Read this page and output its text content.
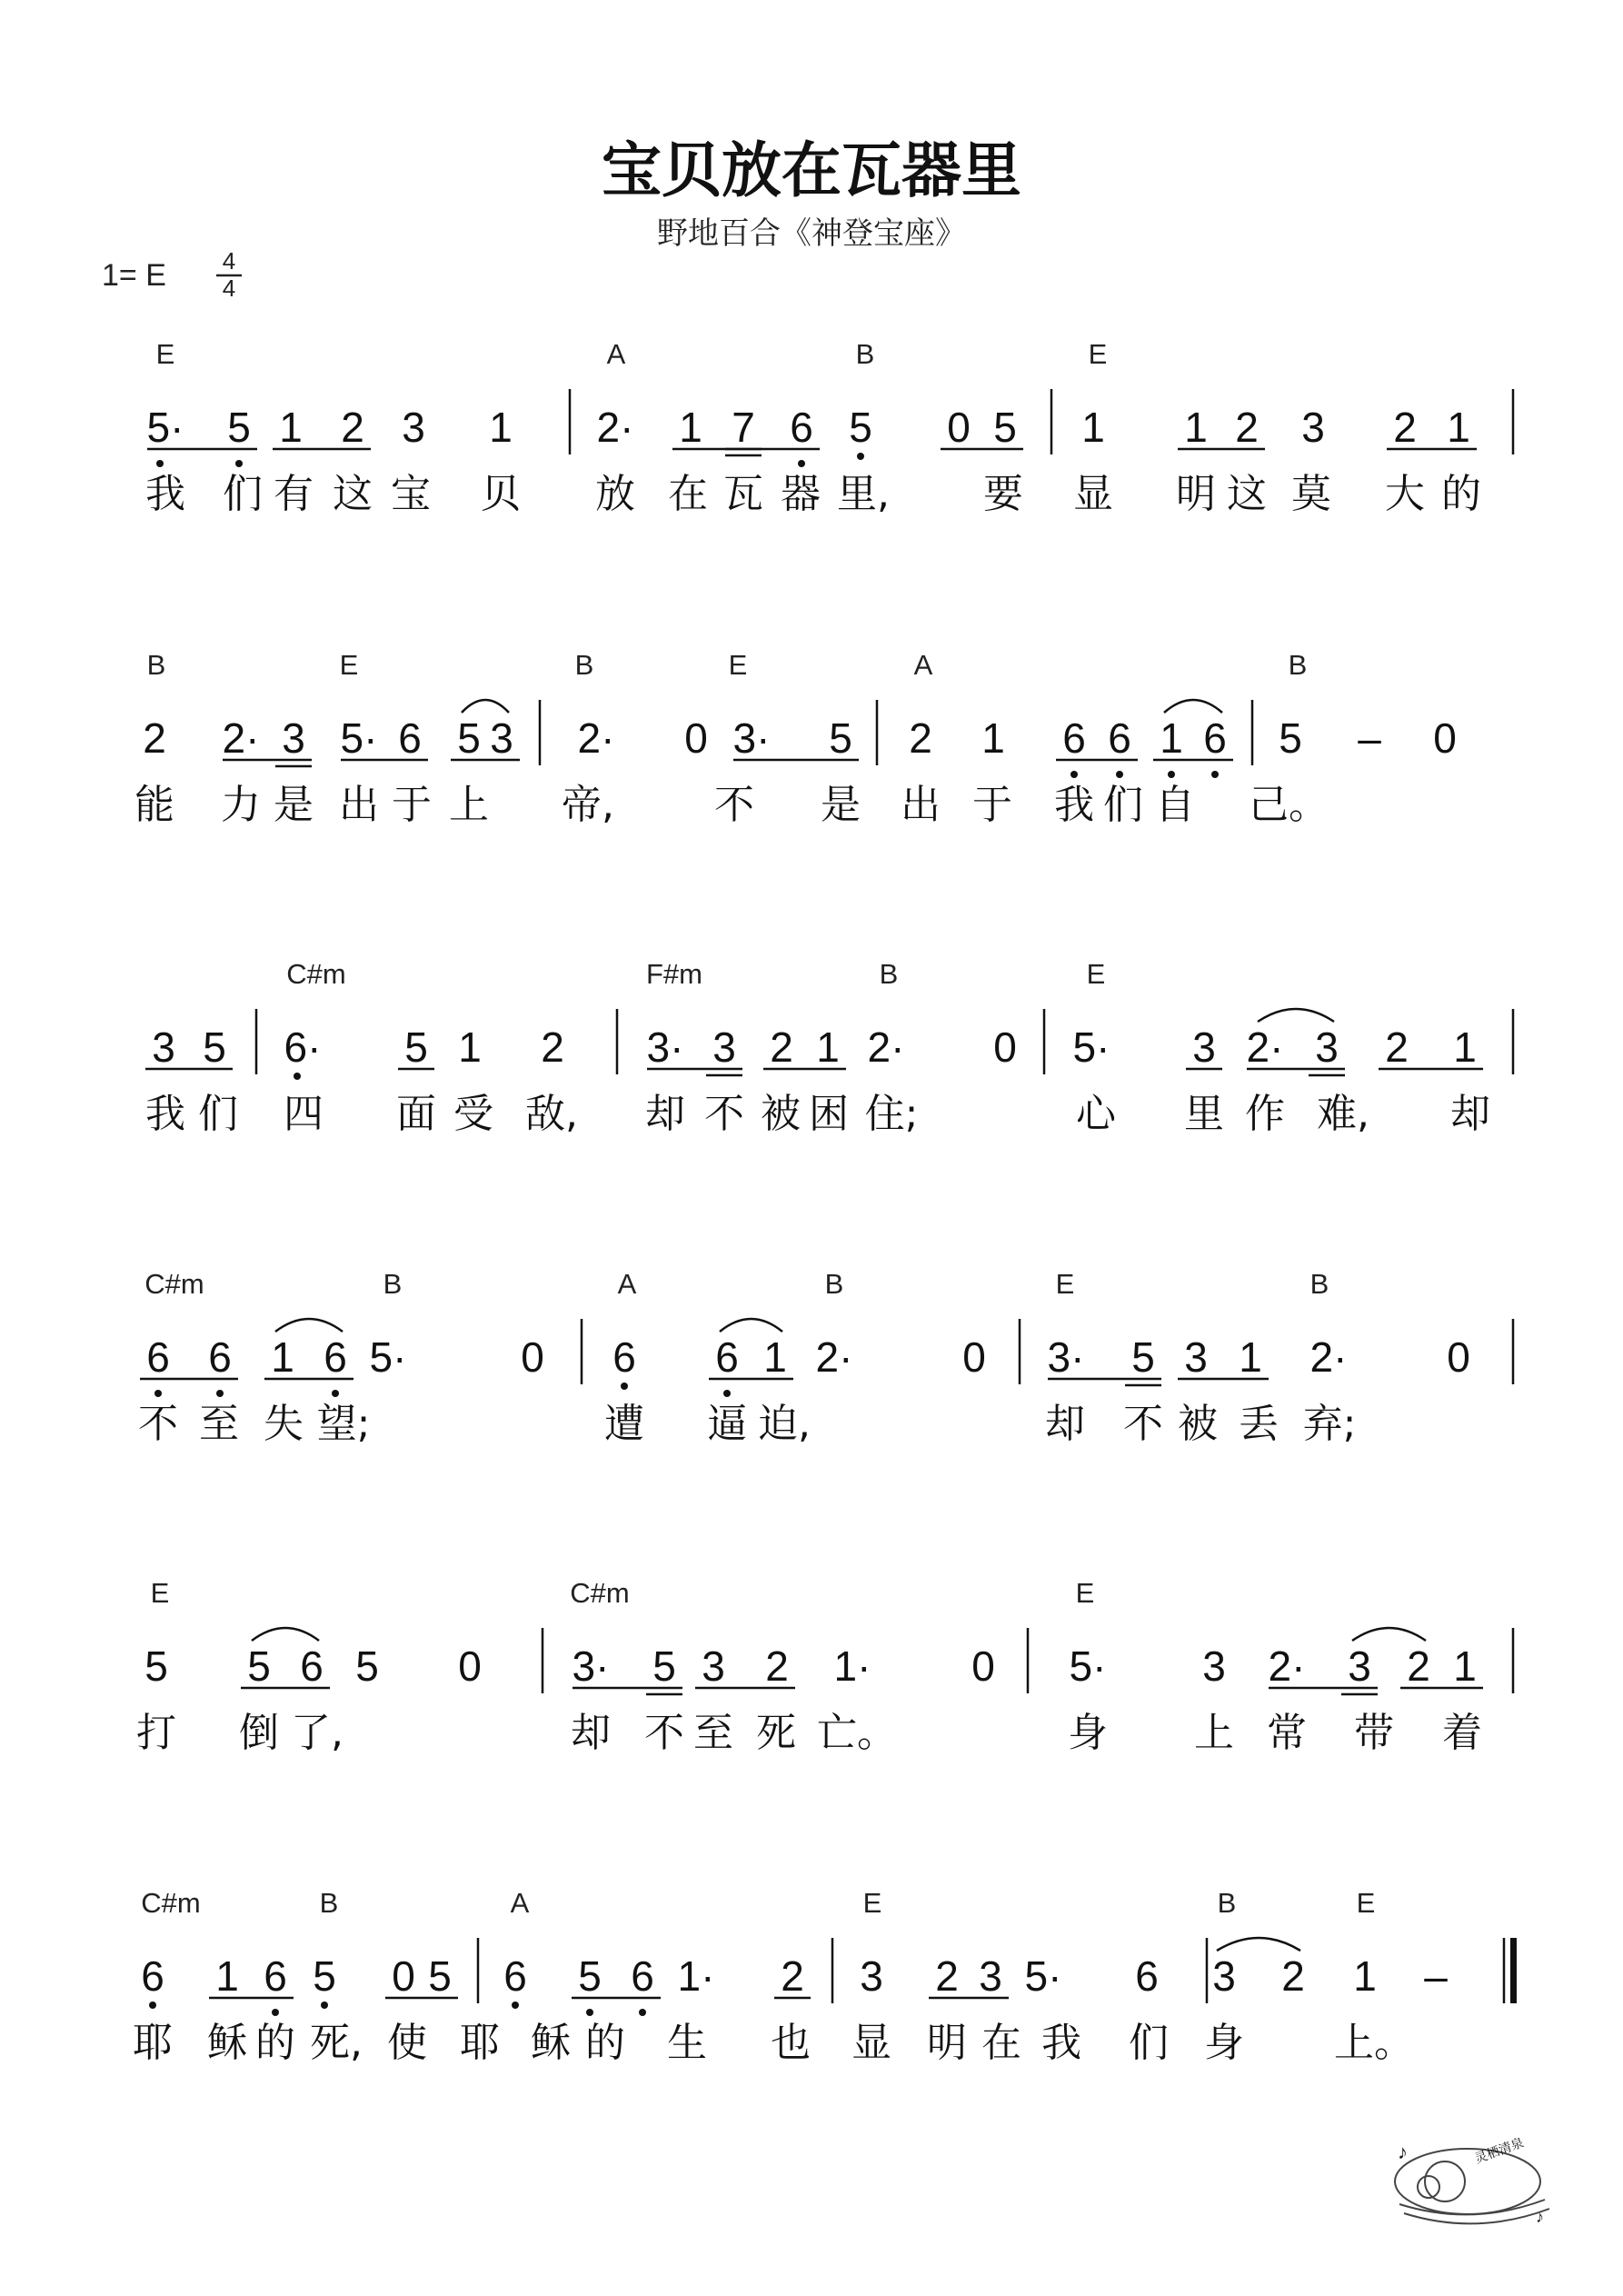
宝贝放在瓦器里
野地百合《神登宝座》
1= E 4
4
E	A	B	E
5· 5 1 2 3 1 2· 1 7 6 5 0 5 1 1 2 3 2 1
我 们 有 这 宝 贝 放 在 瓦 器 里, 要 显 明 这 莫 大 的
B	E	B	E	A	B
2 2· 3 5· 6 5 3 2· 0 3· 5 2 1 6 6 1 6 5 – 0
能 力 是 出 于 上 帝,	不 是 出 于 我 们 自 己。
C#m	F#m	B	E
3 5 6· 5 1 2 3· 3 2 1 2· 0 5· 3 2· 3 2 1
我 们 四 面 受 敌, 却 不 被 困 住;	心 里 作 难, 却
C#m	B	A	B	E	B
6 6 1 6 5·	0 6 6 1 2·	0 3· 5 3 1 2· 0
不 至 失 望;	遭 逼 迫,	却 不 被 丢 弃;
E	C#m	E
5 5 6 5 0 3· 5 3 2 1· 0 5· 3 2· 3 2 1
打 倒 了,	却 不 至 死 亡。	身 上 常 带 着
C#m	B	A	E	B	E
6 1 6 5 0 5 6 5 6 1· 2 3 2 3 5· 6 3 2 1 –
耶 稣 的 死, 使 耶 稣 的 生 也 显 明 在 我 们 身 上。
♪
♪
灵栖清泉
